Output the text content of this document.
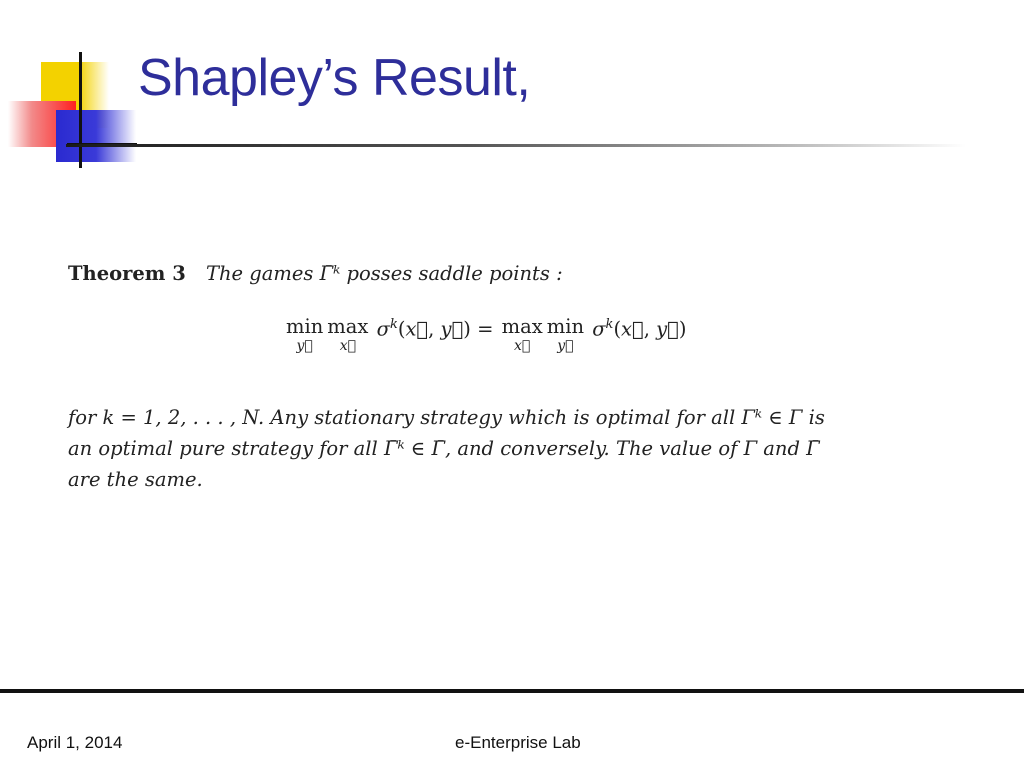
Shapley’s Result,
Theorem 3 The games Γ̄ᵏ posses saddle points :
min
y⃗
max
x⃗
$\sigma^k(x⃗$, y⃗) = max
x⃗
min
y⃗
$\sigma^k(x⃗$, y⃗)
for k = 1, 2, . . . , N. Any stationary strategy which is optimal for all Γᵏ ∈ Γ is
an optimal pure strategy for all Γ̄ᵏ ∈ Γ̄, and conversely. The value of Γ and Γ̄
are the same.
April 1, 2014	e-Enterprise Lab
